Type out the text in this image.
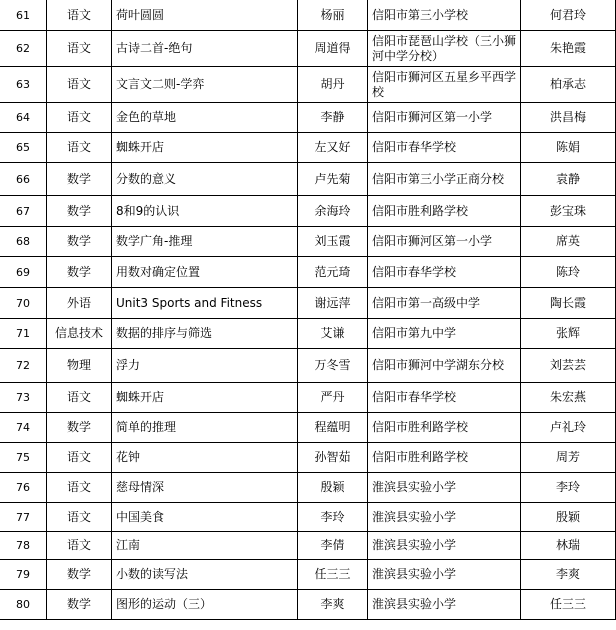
61	语文	荷叶圆圆	杨丽	信阳市第三小学校	何君玲
62	语文	古诗二首-绝句	周道得	信阳市琵琶山学校（三小狮河中学分校）	朱艳霞
63	语文	文言文二则-学弈	胡丹	信阳市狮河区五星乡平西学校	柏承志
64	语文	金色的草地	李静	信阳市狮河区第一小学	洪昌梅
65	语文	蜘蛛开店	左又好	信阳市春华学校	陈娟
66	数学	分数的意义	卢先菊	信阳市第三小学正商分校	袁静
67	数学	8和9的认识	余海玲	信阳市胜利路学校	彭宝珠
68	数学	数学广角-推理	刘玉霞	信阳市狮河区第一小学	席英
69	数学	用数对确定位置	范元琦	信阳市春华学校	陈玲
70	外语	Unit3 Sports and Fitness	谢远萍	信阳市第一高级中学	陶长霞
71	信息技术	数据的排序与筛选	艾谦	信阳市第九中学	张辉
72	物理	浮力	万冬雪	信阳市狮河中学湖东分校	刘芸芸
73	语文	蜘蛛开店	严丹	信阳市春华学校	朱宏燕
74	数学	简单的推理	程蕴明	信阳市胜利路学校	卢礼玲
75	语文	花钟	孙智茹	信阳市胜利路学校	周芳
76	语文	慈母情深	殷颖	淮滨县实验小学	李玲
77	语文	中国美食	李玲	淮滨县实验小学	殷颖
78	语文	江南	李倩	淮滨县实验小学	林瑞
79	数学	小数的读写法	任三三	淮滨县实验小学	李爽
80	数学	图形的运动（三）	李爽	淮滨县实验小学	任三三
